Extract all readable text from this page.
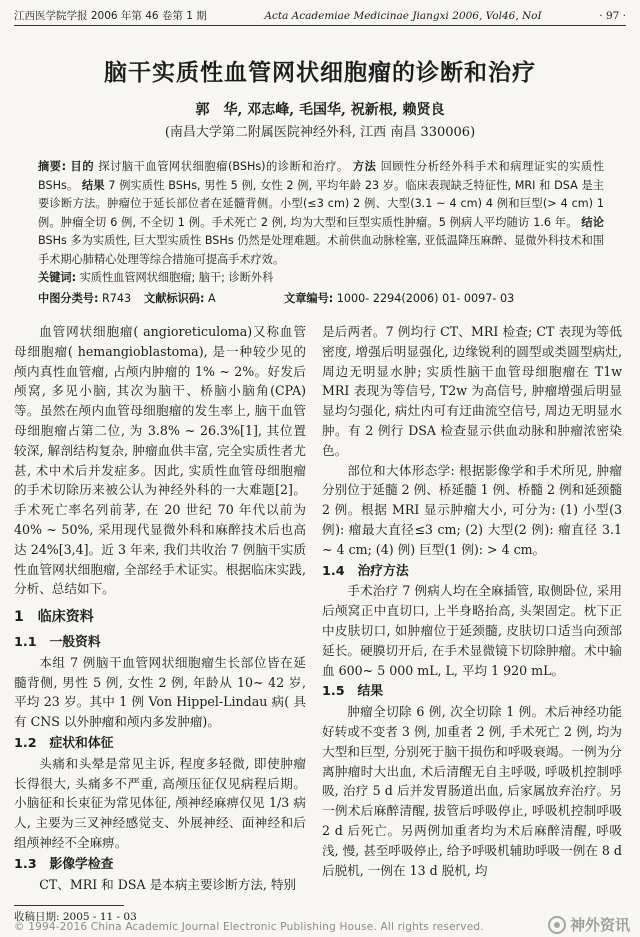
江西医学院学报 2006 年第 46 卷第 1 期	Acta Academiae Medicinae Jiangxi 2006, Vol46, NoI	· 97 ·
脑干实质性血管网状细胞瘤的诊断和治疗
郭　华, 邓志峰, 毛国华, 祝新根, 赖贤良
(南昌大学第二附属医院神经外科, 江西 南昌 330006)
摘要: 目的 探讨脑干血管网状细胞瘤(BSHs)的诊断和治疗。 方法 回顾性分析经外科手术和病理证实的实质性 BSHs。 结果 7 例实质性 BSHs, 男性 5 例, 女性 2 例, 平均年龄 23 岁。临床表现缺乏特征性, MRI 和 DSA 是主要诊断方法。肿瘤位于延长部位者在延髓背侧。小型(≤3 cm) 2 例、大型(3.1 ~ 4 cm) 4 例和巨型(> 4 cm) 1 例。肿瘤全切 6 例, 不全切 1 例。手术死亡 2 例, 均为大型和巨型实质性肿瘤。5 例病人平均随访 1.6 年。 结论 BSHs 多为实质性, 巨大型实质性 BSHs 仍然是处理难题。术前供血动脉栓塞, 亚低温降压麻醉、显微外科技术和围手术期心肺精心处理等综合措施可提高手术疗效。
关键词: 实质性血管网状细胞瘤; 脑干; 诊断外科
中图分类号: R743 文献标识码: A	文章编号: 1000- 2294(2006) 01- 0097- 03

血管网状细胞瘤( angioreticuloma)又称血管母细胞瘤( hemangioblastoma), 是一种较少见的颅内真性血管瘤, 占颅内肿瘤的 1% ~ 2%。好发后颅窝, 多见小脑, 其次为脑干、桥脑小脑角(CPA) 等。虽然在颅内血管母细胞瘤的发生率上, 脑干血管母细胞瘤占第二位, 为 3.8% ~ 26.3%[1], 其位置较深, 解剖结构复杂, 肿瘤血供丰富, 完全实质性者尤甚, 术中术后并发症多。因此, 实质性血管母细胞瘤的手术切除历来被公认为神经外科的一大难题[2]。手术死亡率名列前茅, 在 20 世纪 70 年代以前为 40% ~ 50%, 采用现代显微外科和麻醉技术后也高达 24%[3,4]。近 3 年来, 我们共收治 7 例脑干实质性血管网状细胞瘤, 全部经手术证实。根据临床实践, 分析、总结如下。

1　临床资料
1.1　一般资料

本组 7 例脑干血管网状细胞瘤生长部位皆在延髓背侧, 男性 5 例, 女性 2 例, 年龄从 10~ 42 岁, 平均 23 岁。其中 1 例 Von Hippel-Lindau 病( 具有 CNS 以外肿瘤和颅内多发肿瘤)。

1.2　症状和体征

头痛和头晕是常见主诉, 程度多轻微, 即使肿瘤长得很大, 头痛多不严重, 高颅压征仅见病程后期。小脑征和长束征为常见体征, 颅神经麻痹仅见 1/3 病人, 主要为三叉神经感觉支、外展神经、面神经和后组颅神经不全麻痹。

1.3　影像学检查

CT、MRI 和 DSA 是本病主要诊断方法, 特别

是后两者。7 例均行 CT、MRI 检查; CT 表现为等低密度, 增强后明显强化, 边缘锐利的圆型或类圆型病灶, 周边无明显水肿; 实质性脑干血管母细胞瘤在 T1w MRI 表现为等信号, T2w 为高信号, 肿瘤增强后明显显均匀强化, 病灶内可有迂曲流空信号, 周边无明显水肿。有 2 例行 DSA 检查显示供血动脉和肿瘤浓密染色。

部位和大体形态学: 根据影像学和手术所见, 肿瘤分别位于延髓 2 例、桥延髓 1 例、桥髓 2 例和延颈髓 2 例。根据 MRI 显示肿瘤大小, 可分为: (1) 小型(3 例): 瘤最大直径≤3 cm; (2) 大型(2 例): 瘤直径 3.1 ~ 4 cm; (4) 例) 巨型(1 例): > 4 cm。

1.4　治疗方法

手术治疗 7 例病人均在全麻插管, 取侧卧位, 采用后颅窝正中直切口, 上半身略抬高, 头架固定。枕下正中皮肤切口, 如肿瘤位于延颈髓, 皮肤切口适当向颈部延长。硬膜切开后, 在手术显微镜下切除肿瘤。术中输血 600~ 5 000 mL, L, 平均 1 920 mL。

1.5　结果

肿瘤全切除 6 例, 次全切除 1 例。术后神经功能好转或不变者 3 例, 加重者 2 例, 手术死亡 2 例, 均为大型和巨型, 分别死于脑干损伤和呼吸衰竭。一例为分离肿瘤时大出血, 术后清醒无自主呼吸, 呼吸机控制呼吸, 治疗 5 d 后并发胃肠道出血, 后家属放弃治疗。另一例术后麻醉清醒, 拔管后呼吸停止, 呼吸机控制呼吸 2 d 后死亡。另两例加重者均为术后麻醉清醒, 呼吸浅, 慢, 甚至呼吸停止, 给予呼吸机辅助呼吸一例在 8 d 后脱机, 一例在 13 d 脱机, 均

收稿日期: 2005 - 11 - 03
© 1994-2016 China Academic Journal Electronic Publishing House. All rights reserved.	神外资讯
